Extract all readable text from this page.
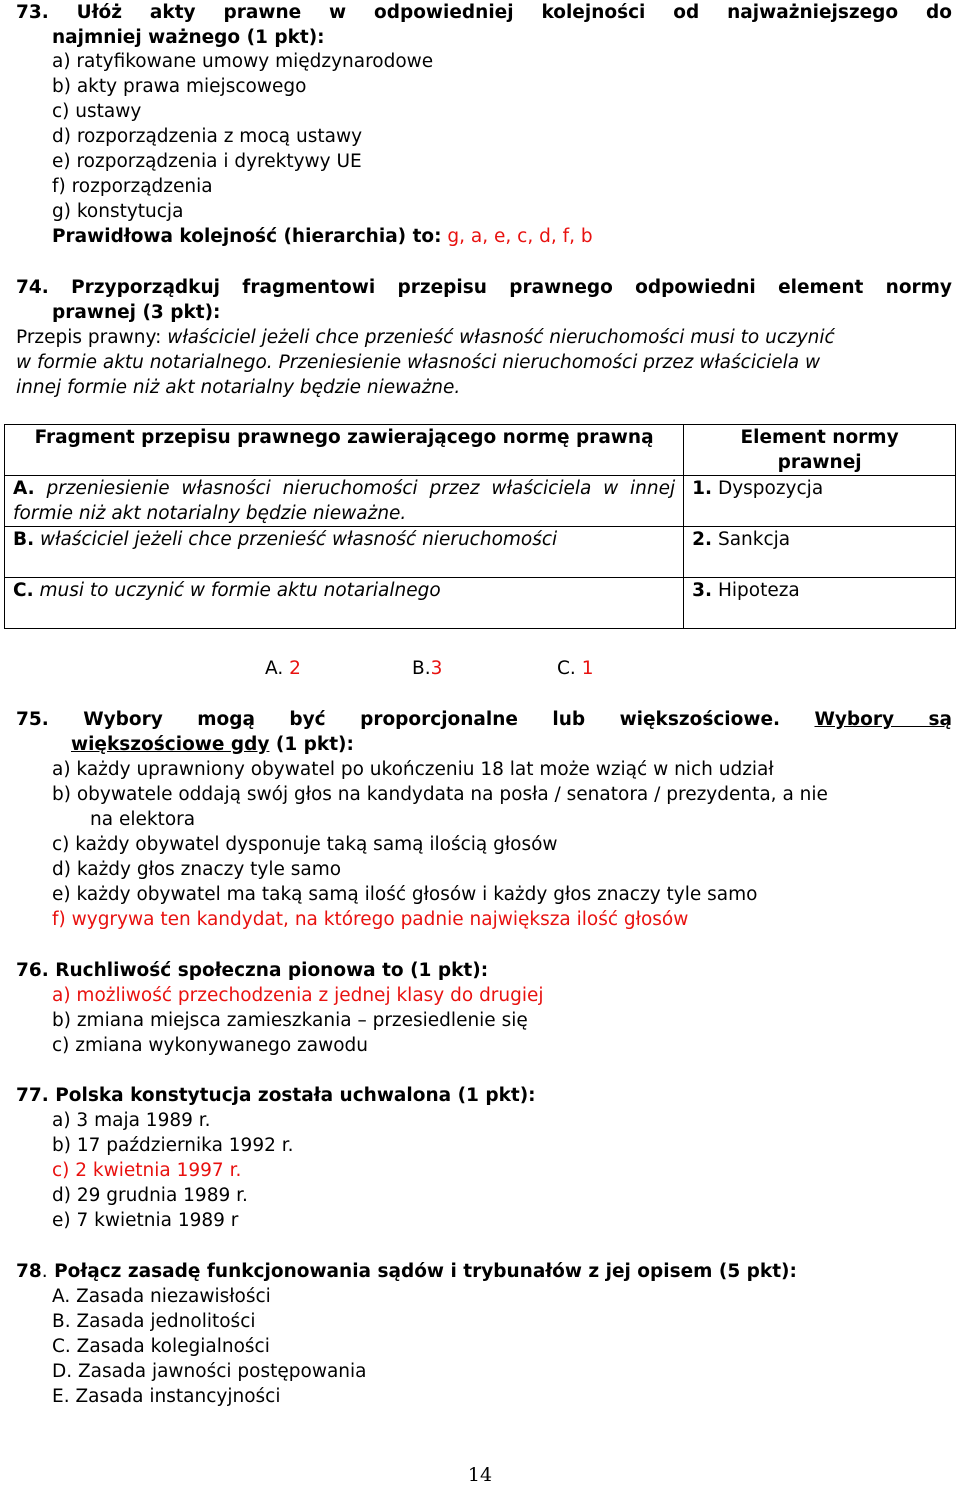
73. Ułóż akty prawne w odpowiedniej kolejności od najważniejszego do
najmniej ważnego (1 pkt):
a) ratyfikowane umowy międzynarodowe
b) akty prawa miejscowego
c) ustawy
d) rozporządzenia z mocą ustawy
e) rozporządzenia i dyrektywy UE
f) rozporządzenia
g) konstytucja
Prawidłowa kolejność (hierarchia) to: g, a, e, c, d, f, b
74. Przyporządkuj fragmentowi przepisu prawnego odpowiedni element normy
prawnej (3 pkt):
Przepis prawny: właściciel jeżeli chce przenieść własność nieruchomości musi to uczynić
w formie aktu notarialnego. Przeniesienie własności nieruchomości przez właściciela w
innej formie niż akt notarialny będzie nieważne.
Fragment przepisu prawnego zawierającego normę prawną	Element normy prawnej
A. przeniesienie własności nieruchomości przez właściciela w innej formie niż akt notarialny będzie nieważne.	1. Dyspozycja
B. właściciel jeżeli chce przenieść własność nieruchomości	2. Sankcja
C. musi to uczynić w formie aktu notarialnego	3. Hipoteza
A. 2	B.3	C. 1
75. Wybory mogą być proporcjonalne lub większościowe. Wybory są
większościowe gdy (1 pkt):
a) każdy uprawniony obywatel po ukończeniu 18 lat może wziąć w nich udział
b) obywatele oddają swój głos na kandydata na posła / senatora / prezydenta, a nie
na elektora
c) każdy obywatel dysponuje taką samą ilością głosów
d) każdy głos znaczy tyle samo
e) każdy obywatel ma taką samą ilość głosów i każdy głos znaczy tyle samo
f) wygrywa ten kandydat, na którego padnie największa ilość głosów
76. Ruchliwość społeczna pionowa to (1 pkt):
a) możliwość przechodzenia z jednej klasy do drugiej
b) zmiana miejsca zamieszkania – przesiedlenie się
c) zmiana wykonywanego zawodu
77. Polska konstytucja została uchwalona (1 pkt):
a) 3 maja 1989 r.
b) 17 października 1992 r.
c) 2 kwietnia 1997 r.
d) 29 grudnia 1989 r.
e) 7 kwietnia 1989 r
78. Połącz zasadę funkcjonowania sądów i trybunałów z jej opisem (5 pkt):
A. Zasada niezawisłości
B. Zasada jednolitości
C. Zasada kolegialności
D. Zasada jawności postępowania
E. Zasada instancyjności
14
